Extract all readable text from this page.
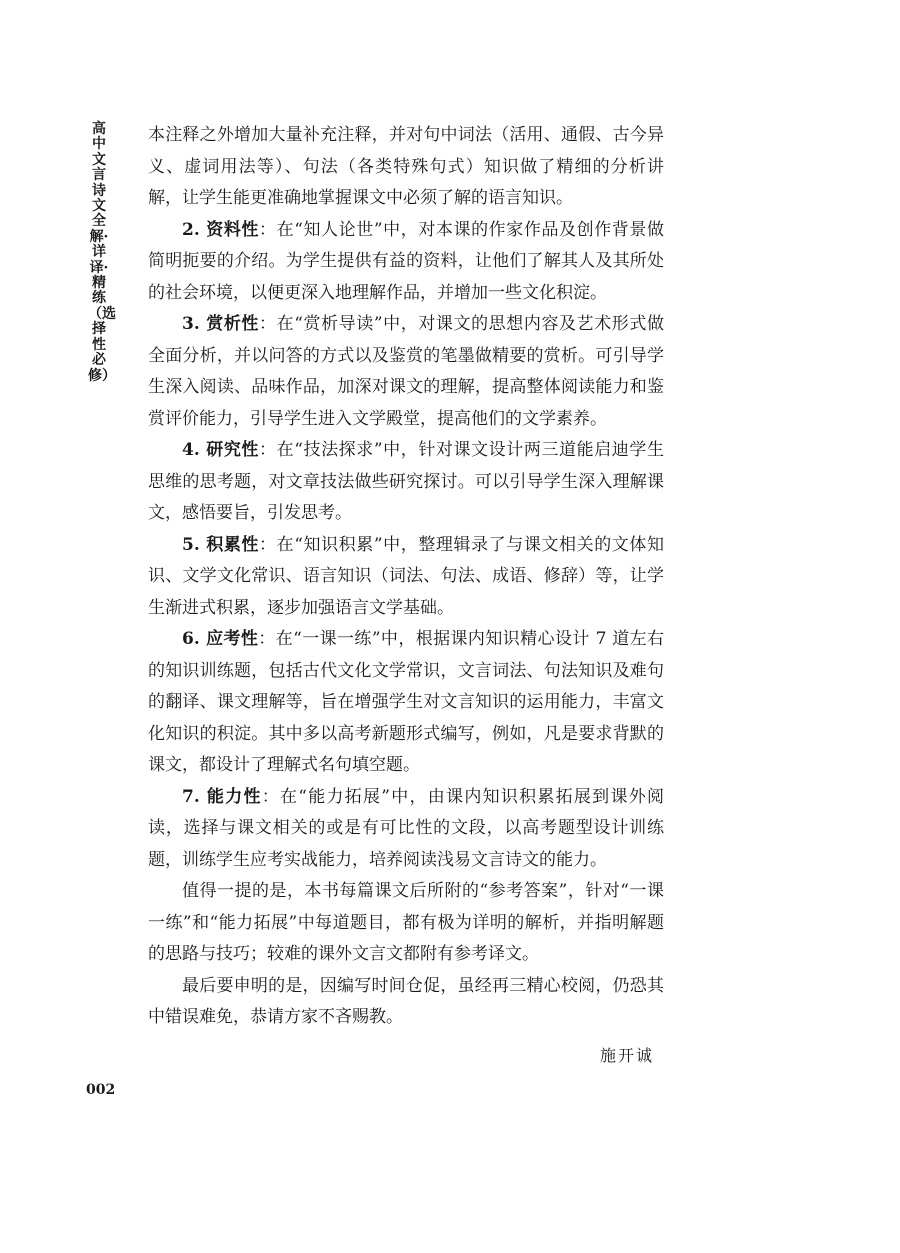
高中文言诗文全解·详译·精练（选择性必修）

本注释之外增加大量补充注释，并对句中词法（活用、通假、古今异义、虚词用法等）、句法（各类特殊句式）知识做了精细的分析讲解，让学生能更准确地掌握课文中必须了解的语言知识。

2. 资料性：在“知人论世”中，对本课的作家作品及创作背景做简明扼要的介绍。为学生提供有益的资料，让他们了解其人及其所处的社会环境，以便更深入地理解作品，并增加一些文化积淀。

3. 赏析性：在“赏析导读”中，对课文的思想内容及艺术形式做全面分析，并以问答的方式以及鉴赏的笔墨做精要的赏析。可引导学生深入阅读、品味作品，加深对课文的理解，提高整体阅读能力和鉴赏评价能力，引导学生进入文学殿堂，提高他们的文学素养。

4. 研究性：在“技法探求”中，针对课文设计两三道能启迪学生思维的思考题，对文章技法做些研究探讨。可以引导学生深入理解课文，感悟要旨，引发思考。

5. 积累性：在“知识积累”中，整理辑录了与课文相关的文体知识、文学文化常识、语言知识（词法、句法、成语、修辞）等，让学生渐进式积累，逐步加强语言文学基础。

6. 应考性：在“一课一练”中，根据课内知识精心设计 7 道左右的知识训练题，包括古代文化文学常识，文言词法、句法知识及难句的翻译、课文理解等，旨在增强学生对文言知识的运用能力，丰富文化知识的积淀。其中多以高考新题形式编写，例如，凡是要求背默的课文，都设计了理解式名句填空题。

7. 能力性：在“能力拓展”中，由课内知识积累拓展到课外阅读，选择与课文相关的或是有可比性的文段，以高考题型设计训练题，训练学生应考实战能力，培养阅读浅易文言诗文的能力。

值得一提的是，本书每篇课文后所附的“参考答案”，针对“一课一练”和“能力拓展”中每道题目，都有极为详明的解析，并指明解题的思路与技巧；较难的课外文言文都附有参考译文。

最后要申明的是，因编写时间仓促，虽经再三精心校阅，仍恐其中错误难免，恭请方家不吝赐教。

施开诚
002
